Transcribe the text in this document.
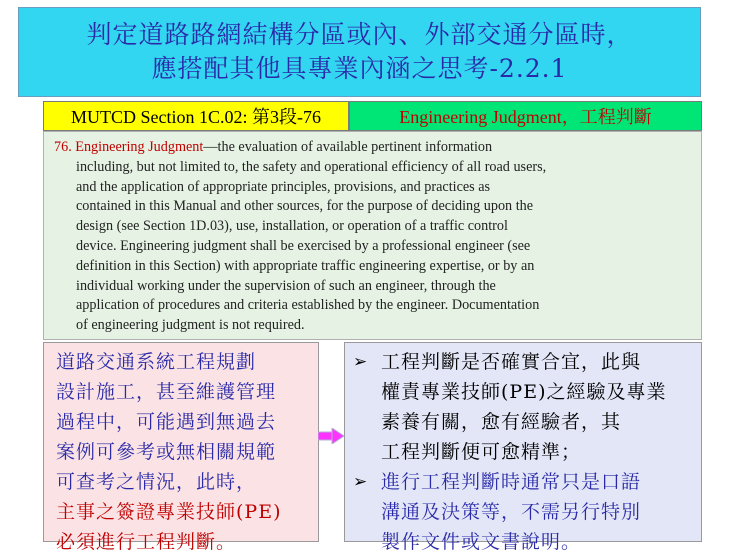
判定道路路網結構分區或內、外部交通分區時，
應搭配其他具專業內涵之思考-2.2.1
MUTCD Section 1C.02: 第3段-76	Engineering Judgment，工程判斷
76. Engineering Judgment—the evaluation of available pertinent information
including, but not limited to, the safety and operational efficiency of all road users,
and the application of appropriate principles, provisions, and practices as
contained in this Manual and other sources, for the purpose of deciding upon the
design (see Section 1D.03), use, installation, or operation of a traffic control
device. Engineering judgment shall be exercised by a professional engineer (see
definition in this Section) with appropriate traffic engineering expertise, or by an
individual working under the supervision of such an engineer, through the
application of procedures and criteria established by the engineer. Documentation
of engineering judgment is not required.
道路交通系統工程規劃
設計施工，甚至維護管理
過程中，可能遇到無過去
案例可參考或無相關規範
可查考之情況，此時，
主事之簽證專業技師(PE)
必須進行工程判斷。
➢ 工程判斷是否確實合宜，此與
權責專業技師(PE)之經驗及專業
素養有關，愈有經驗者，其
工程判斷便可愈精準；
➢ 進行工程判斷時通常只是口語
溝通及決策等，不需另行特別
製作文件或文書說明。
